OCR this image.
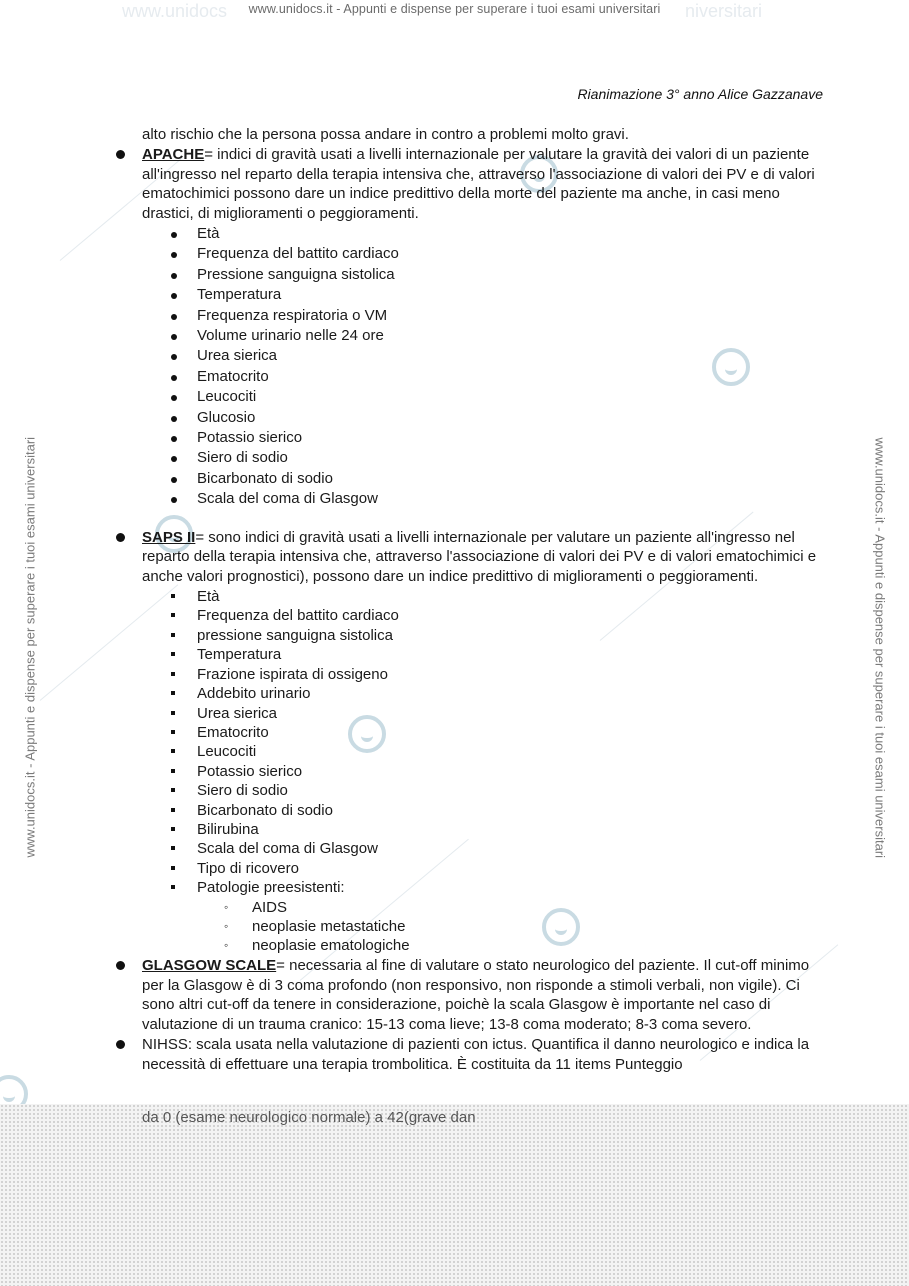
www.unidocs	niversitari
www.unidocs.it - Appunti e dispense per superare i tuoi esami universitari
www.unidocs.it - Appunti e dispense per superare i tuoi esami universitari	www.unidocs.it - Appunti e dispense per superare i tuoi esami universitari
Rianimazione 3° anno Alice Gazzanave

alto rischio che la persona possa andare in contro a problemi molto gravi.

APACHE= indici di gravità usati a livelli internazionale per valutare la gravità dei valori di un paziente all'ingresso nel reparto della terapia intensiva che, attraverso l'associazione di valori dei PV e di valori ematochimici possono dare un indice predittivo della morte del paziente ma anche, in casi meno drastici, di miglioramenti o peggioramenti.

Età
Frequenza del battito cardiaco
Pressione sanguigna sistolica
Temperatura
Frequenza respiratoria o VM
Volume urinario nelle 24 ore
Urea sierica
Ematocrito
Leucociti
Glucosio
Potassio sierico
Siero di sodio
Bicarbonato di sodio
Scala del coma di Glasgow

SAPS II= sono indici di gravità usati a livelli internazionale per valutare un paziente all'ingresso nel reparto della terapia intensiva che, attraverso l'associazione di valori dei PV e di valori ematochimici e anche valori prognostici), possono dare un indice predittivo di miglioramenti o peggioramenti.

Età
Frequenza del battito cardiaco
pressione sanguigna sistolica
Temperatura
Frazione ispirata di ossigeno
Addebito urinario
Urea sierica
Ematocrito
Leucociti
Potassio sierico
Siero di sodio
Bicarbonato di sodio
Bilirubina
Scala del coma di Glasgow
Tipo di ricovero
Patologie preesistenti:
◦ AIDS
◦ neoplasie metastatiche
◦ neoplasie ematologiche

GLASGOW SCALE= necessaria al fine di valutare o stato neurologico del paziente. Il cut-off minimo per la Glasgow è di 3 coma profondo (non responsivo, non risponde a stimoli verbali, non vigile). Ci sono altri cut-off da tenere in considerazione, poichè la scala Glasgow è importante nel caso di valutazione di un trauma cranico: 15-13 coma lieve; 13-8 coma moderato; 8-3 coma severo.

NIHSS: scala usata nella valutazione di pazienti con ictus. Quantifica il danno neurologico e indica la necessità di effettuare una terapia trombolitica. È costituita da 11 items Punteggio

da 0 (esame neurologico normale) a 42(grave dan
